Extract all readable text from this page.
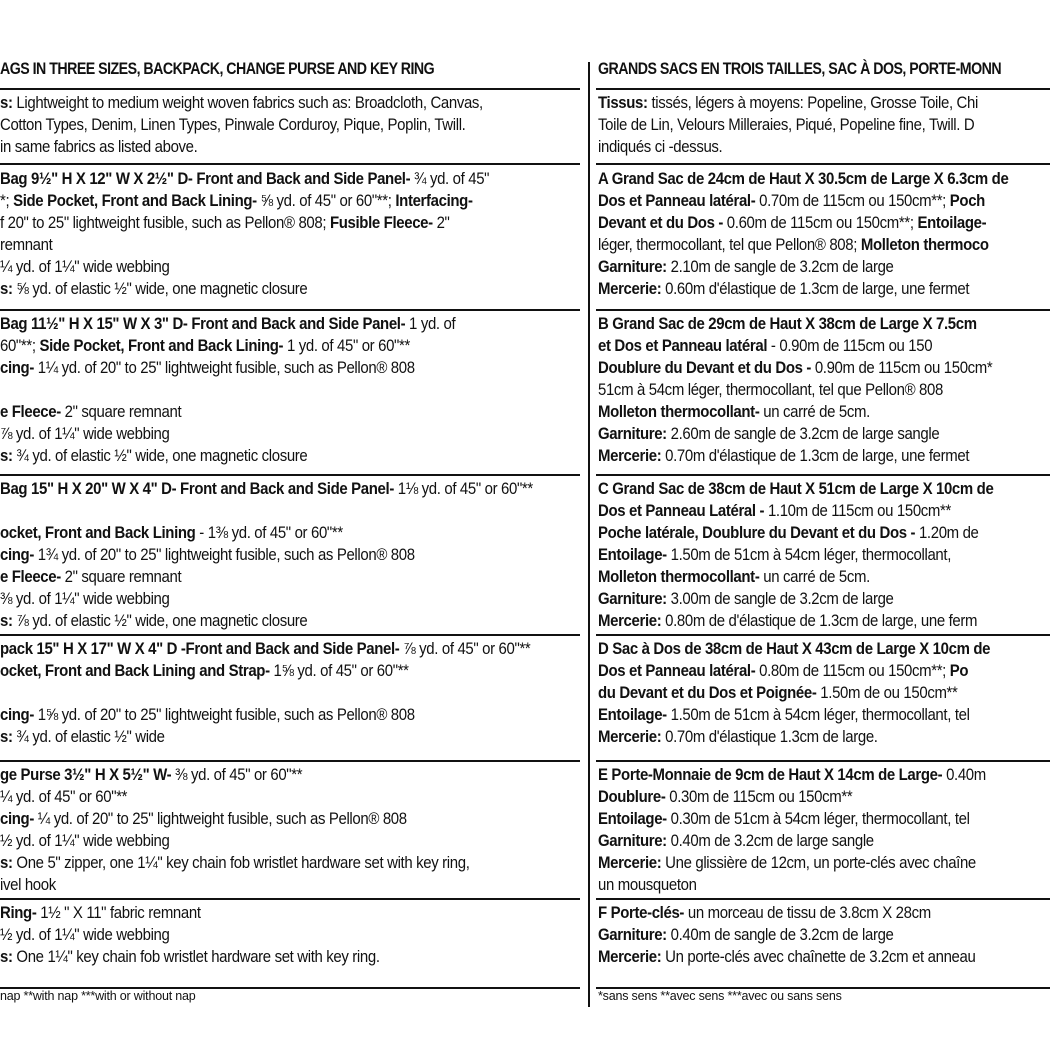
AGS IN THREE SIZES, BACKPACK, CHANGE PURSE AND KEY RING	GRANDS SACS EN TROIS TAILLES, SAC À DOS, PORTE-MONN
nap **with nap ***with or without nap	*sans sens **avec sens ***avec ou sans sens
s: Lightweight to medium weight woven fabrics such as: Broadcloth, Canvas,
Cotton Types, Denim, Linen Types, Pinwale Corduroy, Pique, Poplin, Twill.
in same fabrics as listed above.
Bag 9½" H X 12" W X 2½" D- Front and Back and Side Panel- ¾ yd. of 45"
*; Side Pocket, Front and Back Lining- ⅝ yd. of 45" or 60"**; Interfacing-
f 20" to 25" lightweight fusible, such as Pellon® 808; Fusible Fleece- 2"
remnant
¼ yd. of 1¼" wide webbing
s: ⅝ yd. of elastic ½" wide, one magnetic closure
Bag 11½" H X 15" W X 3" D- Front and Back and Side Panel- 1 yd. of
60"**; Side Pocket, Front and Back Lining- 1 yd. of 45" or 60"**
cing- 1¼ yd. of 20" to 25" lightweight fusible, such as Pellon® 808

e Fleece- 2" square remnant
⅞ yd. of 1¼" wide webbing
s: ¾ yd. of elastic ½" wide, one magnetic closure
Bag 15" H X 20" W X 4" D- Front and Back and Side Panel- 1⅛ yd. of 45" or 60"**

ocket, Front and Back Lining - 1⅜ yd. of 45" or 60"**
cing- 1¾ yd. of 20" to 25" lightweight fusible, such as Pellon® 808
e Fleece- 2" square remnant
⅜ yd. of 1¼" wide webbing
s: ⅞ yd. of elastic ½" wide, one magnetic closure
pack 15" H X 17" W X 4" D -Front and Back and Side Panel- ⅞ yd. of 45" or 60"**
ocket, Front and Back Lining and Strap- 1⅝ yd. of 45" or 60"**

cing- 1⅝ yd. of 20" to 25" lightweight fusible, such as Pellon® 808
s: ¾ yd. of elastic ½" wide
ge Purse 3½" H X 5½" W- ⅜ yd. of 45" or 60"**
¼ yd. of 45" or 60"**
cing- ¼ yd. of 20" to 25" lightweight fusible, such as Pellon® 808
½ yd. of 1¼" wide webbing
s: One 5" zipper, one 1¼" key chain fob wristlet hardware set with key ring,
ivel hook
Ring- 1½ " X 11" fabric remnant
½ yd. of 1¼" wide webbing
s: One 1¼" key chain fob wristlet hardware set with key ring.
Tissus: tissés, légers à moyens: Popeline, Grosse Toile, Chi
Toile de Lin, Velours Milleraies, Piqué, Popeline fine, Twill. D
indiqués ci -dessus.
A Grand Sac de 24cm de Haut X 30.5cm de Large X 6.3cm de
Dos et Panneau latéral- 0.70m de 115cm ou 150cm**; Poch
Devant et du Dos - 0.60m de 115cm ou 150cm**; Entoilage-
léger, thermocollant, tel que Pellon® 808; Molleton thermoco
Garniture: 2.10m de sangle de 3.2cm de large
Mercerie: 0.60m d'élastique de 1.3cm de large, une fermet
B Grand Sac de 29cm de Haut X 38cm de Large X 7.5cm
et Dos et Panneau latéral - 0.90m de 115cm ou 150
Doublure du Devant et du Dos - 0.90m de 115cm ou 150cm*
51cm à 54cm léger, thermocollant, tel que Pellon® 808
Molleton thermocollant- un carré de 5cm.
Garniture: 2.60m de sangle de 3.2cm de large sangle
Mercerie: 0.70m d'élastique de 1.3cm de large, une fermet
C Grand Sac de 38cm de Haut X 51cm de Large X 10cm de
Dos et Panneau Latéral - 1.10m de 115cm ou 150cm**
Poche latérale, Doublure du Devant et du Dos - 1.20m de
Entoilage- 1.50m de 51cm à 54cm léger, thermocollant,
Molleton thermocollant- un carré de 5cm.
Garniture: 3.00m de sangle de 3.2cm de large
Mercerie: 0.80m de d'élastique de 1.3cm de large, une ferm
D Sac à Dos de 38cm de Haut X 43cm de Large X 10cm de
Dos et Panneau latéral- 0.80m de 115cm ou 150cm**; Po
du Devant et du Dos et Poignée- 1.50m de ou 150cm**
Entoilage- 1.50m de 51cm à 54cm léger, thermocollant, tel
Mercerie: 0.70m d'élastique 1.3cm de large.
E Porte-Monnaie de 9cm de Haut X 14cm de Large- 0.40m
Doublure- 0.30m de 115cm ou 150cm**
Entoilage- 0.30m de 51cm à 54cm léger, thermocollant, tel
Garniture: 0.40m de 3.2cm de large sangle
Mercerie: Une glissière de 12cm, un porte-clés avec chaîne
un mousqueton
F Porte-clés- un morceau de tissu de 3.8cm X 28cm
Garniture: 0.40m de sangle de 3.2cm de large
Mercerie: Un porte-clés avec chaînette de 3.2cm et anneau
